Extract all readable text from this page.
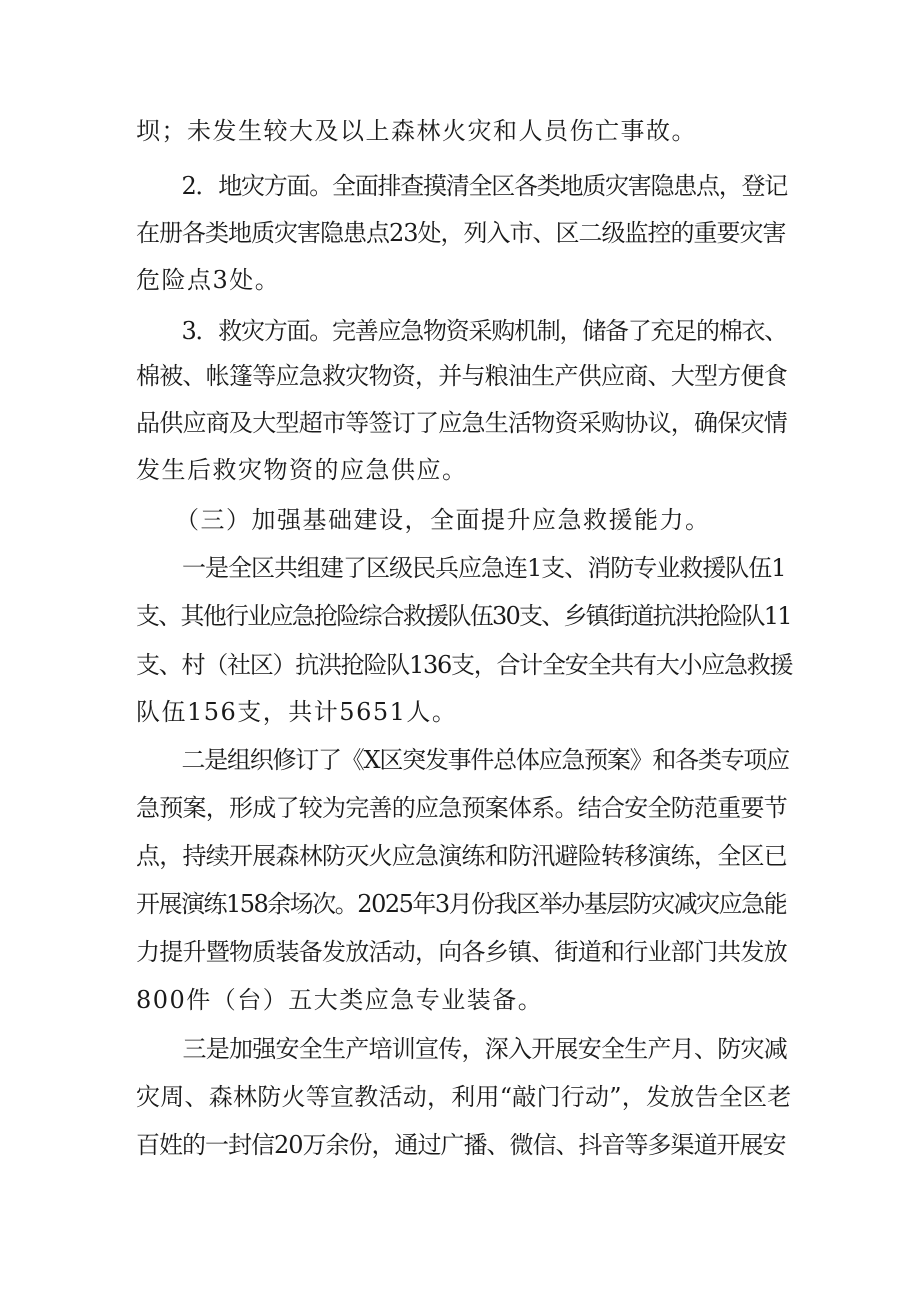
坝；未发生较大及以上森林火灾和人员伤亡事故。
　　2．地灾方面。全面排查摸清全区各类地质灾害隐患点，登记
在册各类地质灾害隐患点23处，列入市、区二级监控的重要灾害
危险点3处。
　　3．救灾方面。完善应急物资采购机制，储备了充足的棉衣、
棉被、帐篷等应急救灾物资，并与粮油生产供应商、大型方便食
品供应商及大型超市等签订了应急生活物资采购协议，确保灾情
发生后救灾物资的应急供应。
　　（三）加强基础建设，全面提升应急救援能力。
　　一是全区共组建了区级民兵应急连1支、消防专业救援队伍1
支、其他行业应急抢险综合救援队伍30支、乡镇街道抗洪抢险队11
支、村（社区）抗洪抢险队136支，合计全安全共有大小应急救援
队伍156支，共计5651人。
　　二是组织修订了《X区突发事件总体应急预案》和各类专项应
急预案，形成了较为完善的应急预案体系。结合安全防范重要节
点，持续开展森林防灭火应急演练和防汛避险转移演练，全区已
开展演练158余场次。2025年3月份我区举办基层防灾减灾应急能
力提升暨物质装备发放活动，向各乡镇、街道和行业部门共发放
800件（台）五大类应急专业装备。
　　三是加强安全生产培训宣传，深入开展安全生产月、防灾减
灾周、森林防火等宣教活动，利用“敲门行动”，发放告全区老
百姓的一封信20万余份，通过广播、微信、抖音等多渠道开展安
